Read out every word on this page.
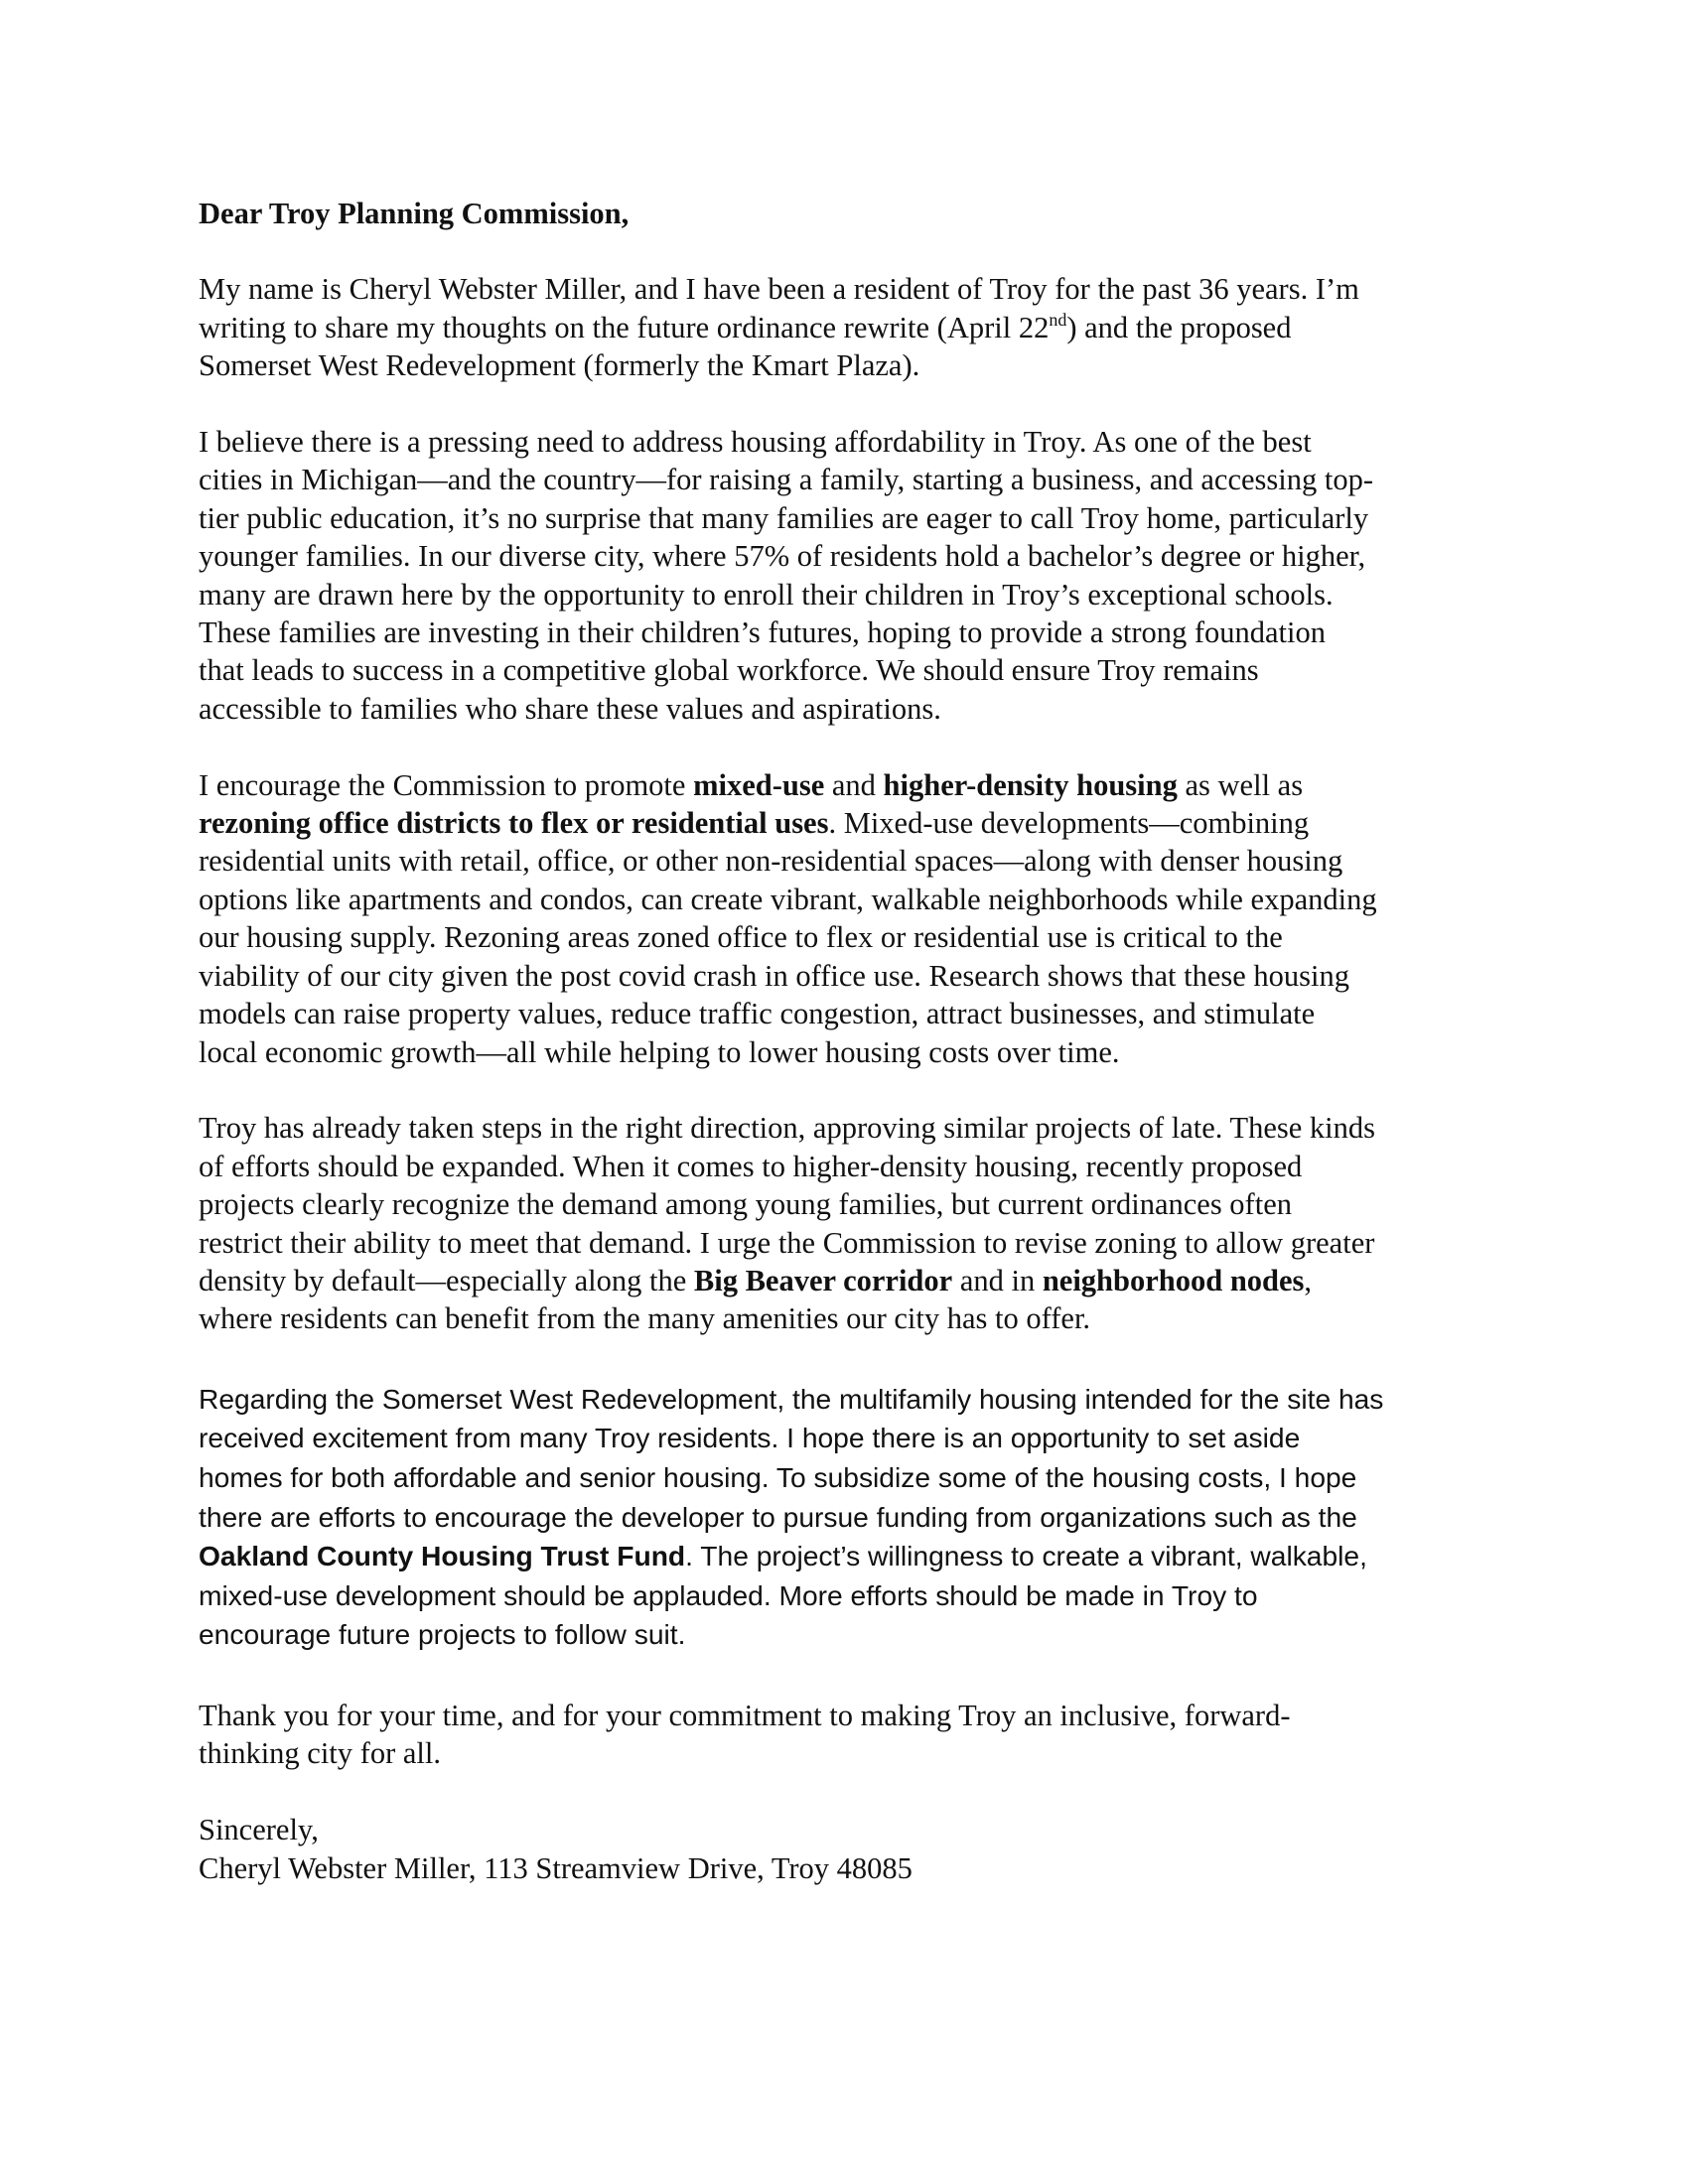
Dear Troy Planning Commission,

My name is Cheryl Webster Miller, and I have been a resident of Troy for the past 36 years. I’m
writing to share my thoughts on the future ordinance rewrite (April 22nd) and the proposed
Somerset West Redevelopment (formerly the Kmart Plaza).

I believe there is a pressing need to address housing affordability in Troy. As one of the best
cities in Michigan—and the country—for raising a family, starting a business, and accessing top-
tier public education, it’s no surprise that many families are eager to call Troy home, particularly
younger families. In our diverse city, where 57% of residents hold a bachelor’s degree or higher,
many are drawn here by the opportunity to enroll their children in Troy’s exceptional schools.
These families are investing in their children’s futures, hoping to provide a strong foundation
that leads to success in a competitive global workforce. We should ensure Troy remains
accessible to families who share these values and aspirations.

I encourage the Commission to promote mixed-use and higher-density housing as well as
rezoning office districts to flex or residential uses. Mixed-use developments—combining
residential units with retail, office, or other non-residential spaces—along with denser housing
options like apartments and condos, can create vibrant, walkable neighborhoods while expanding
our housing supply. Rezoning areas zoned office to flex or residential use is critical to the
viability of our city given the post covid crash in office use. Research shows that these housing
models can raise property values, reduce traffic congestion, attract businesses, and stimulate
local economic growth—all while helping to lower housing costs over time.

Troy has already taken steps in the right direction, approving similar projects of late. These kinds
of efforts should be expanded. When it comes to higher-density housing, recently proposed
projects clearly recognize the demand among young families, but current ordinances often
restrict their ability to meet that demand. I urge the Commission to revise zoning to allow greater
density by default—especially along the Big Beaver corridor and in neighborhood nodes,
where residents can benefit from the many amenities our city has to offer.

Regarding the Somerset West Redevelopment, the multifamily housing intended for the site has
received excitement from many Troy residents. I hope there is an opportunity to set aside
homes for both affordable and senior housing. To subsidize some of the housing costs, I hope
there are efforts to encourage the developer to pursue funding from organizations such as the
Oakland County Housing Trust Fund. The project’s willingness to create a vibrant, walkable,
mixed-use development should be applauded. More efforts should be made in Troy to
encourage future projects to follow suit.

Thank you for your time, and for your commitment to making Troy an inclusive, forward-
thinking city for all.

Sincerely,
Cheryl Webster Miller, 113 Streamview Drive, Troy 48085
